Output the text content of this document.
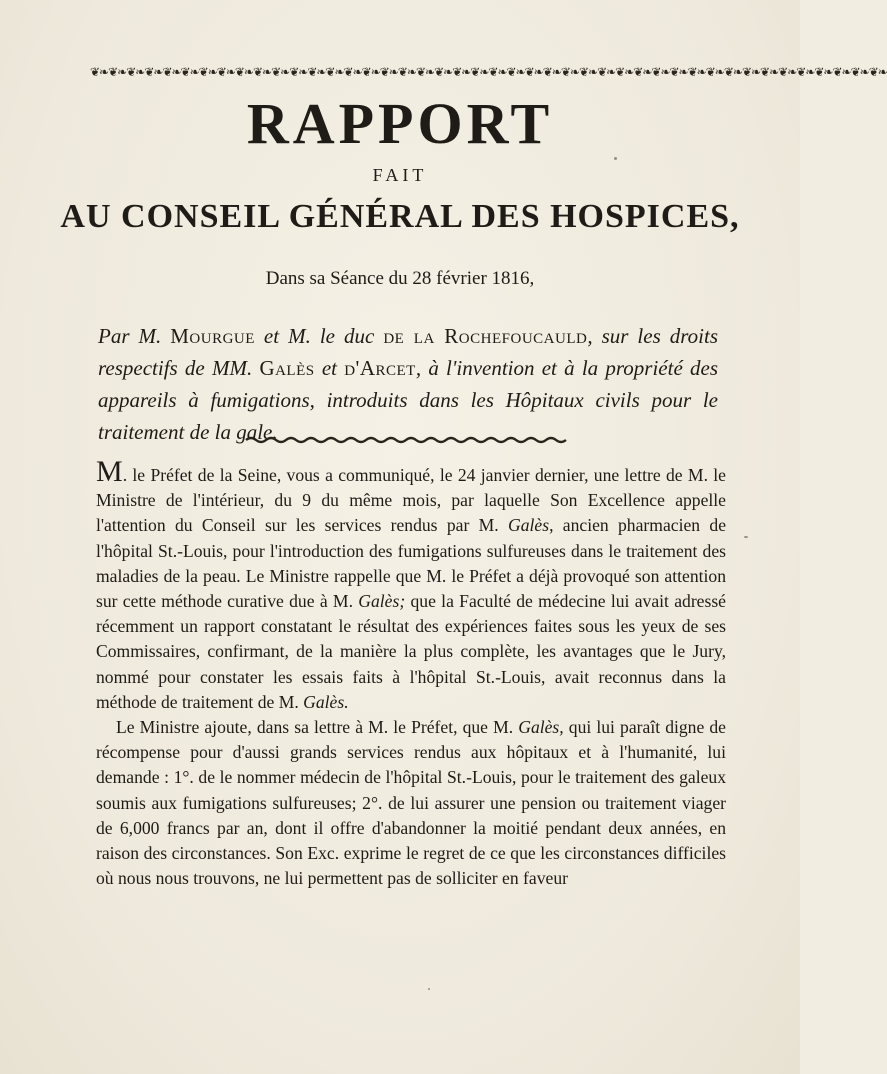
❦❧❦❧❦❧❦❧❦❧❦❧❦❧❦❧❦❧❦❧❦❧❦❧❦❧❦❧❦❧❦❧❦❧❦❧❦❧❦❧❦❧❦❧❦❧❦❧❦❧❦❧❦❧❦❧❦❧❦❧❦❧❦❧❦❧❦❧❦❧❦❧❦❧❦❧❦❧❦❧❦❧❦❧❦❧❦❧
RAPPORT
FAIT
AU CONSEIL GÉNÉRAL DES HOSPICES,
Dans sa Séance du 28 février 1816,
Par M. Mourgue et M. le duc de la Rochefoucauld, sur les droits respectifs de MM. Galès et d'Arcet, à l'invention et à la propriété des appareils à fumigations, introduits dans les Hôpitaux civils pour le traitement de la gale.

M. le Préfet de la Seine, vous a communiqué, le 24 janvier dernier, une lettre de M. le Ministre de l'intérieur, du 9 du même mois, par laquelle Son Excellence appelle l'attention du Conseil sur les services rendus par M. Galès, ancien pharmacien de l'hôpital St.-Louis, pour l'introduction des fumigations sulfureuses dans le traitement des maladies de la peau. Le Ministre rappelle que M. le Préfet a déjà provoqué son attention sur cette méthode curative due à M. Galès; que la Faculté de médecine lui avait adressé récemment un rapport constatant le résultat des expériences faites sous les yeux de ses Commissaires, confirmant, de la manière la plus complète, les avantages que le Jury, nommé pour constater les essais faits à l'hôpital St.-Louis, avait reconnus dans la méthode de traitement de M. Galès.

Le Ministre ajoute, dans sa lettre à M. le Préfet, que M. Galès, qui lui paraît digne de récompense pour d'aussi grands services rendus aux hôpitaux et à l'humanité, lui demande : 1°. de le nommer médecin de l'hôpital St.-Louis, pour le traitement des galeux soumis aux fumigations sulfureuses; 2°. de lui assurer une pension ou traitement viager de 6,000 francs par an, dont il offre d'abandonner la moitié pendant deux années, en raison des circonstances. Son Exc. exprime le regret de ce que les circonstances difficiles où nous nous trouvons, ne lui permettent pas de solliciter en faveur
